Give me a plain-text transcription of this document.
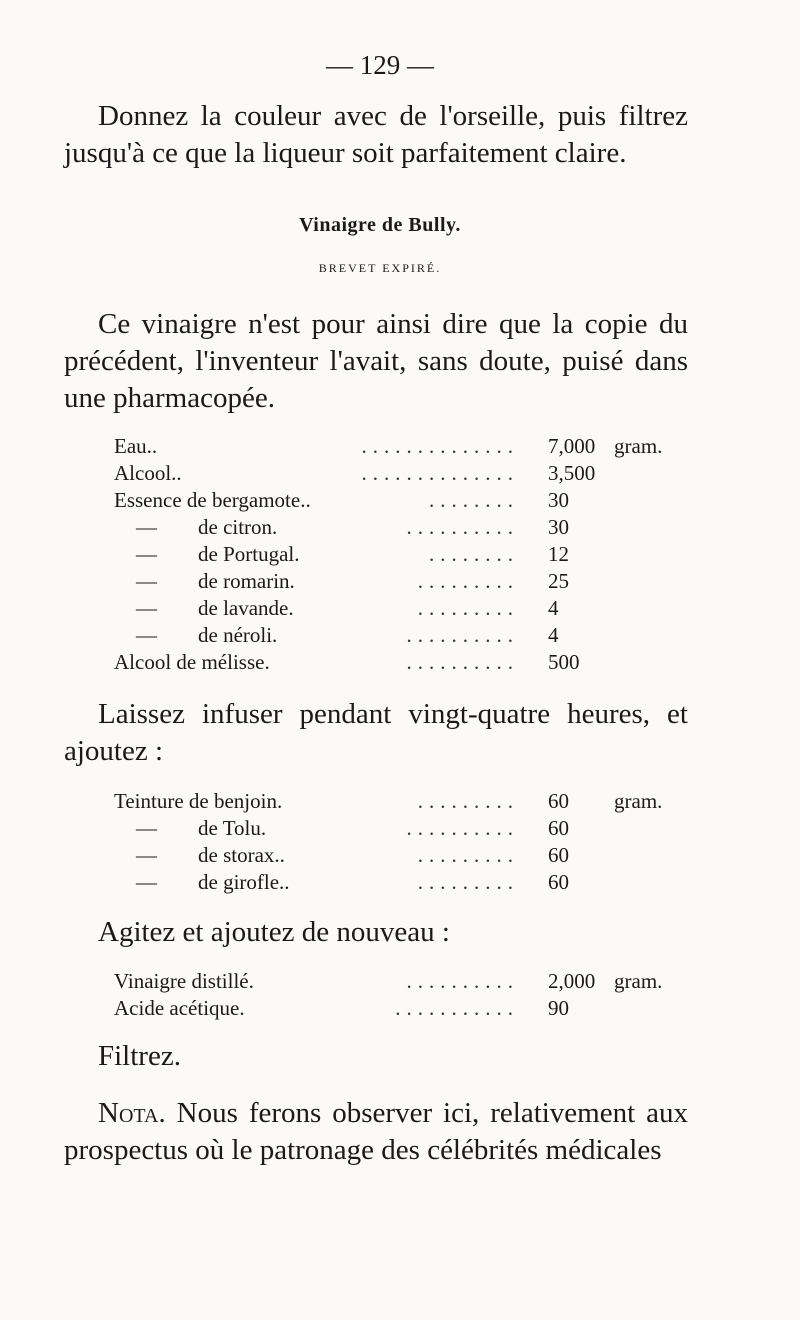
— 129 —

Donnez la couleur avec de l'orseille, puis filtrez jusqu'à ce que la liqueur soit parfaitement claire.

Vinaigre de Bully.
BREVET EXPIRÉ.

Ce vinaigre n'est pour ainsi dire que la copie du précédent, l'inventeur l'avait, sans doute, puisé dans une pharmacopée.

Eau..	.............. 7,000 gram.
Alcool..	.............. 3,500
Essence de bergamote..	........ 30
— de citron.	.......... 30
— de Portugal.	........ 12
— de romarin.	......... 25
— de lavande.	......... 4
— de néroli.	.......... 4
Alcool de mélisse.	.......... 500

Laissez infuser pendant vingt-quatre heures, et ajoutez :

Teinture de benjoin.	......... 60 gram.
— de Tolu.	.......... 60
— de storax..	......... 60
— de girofle..	......... 60

Agitez et ajoutez de nouveau :

Vinaigre distillé.	.......... 2,000 gram.
Acide acétique.	........... 90

Filtrez.

Nota. Nous ferons observer ici, relativement aux prospectus où le patronage des célébrités médicales
